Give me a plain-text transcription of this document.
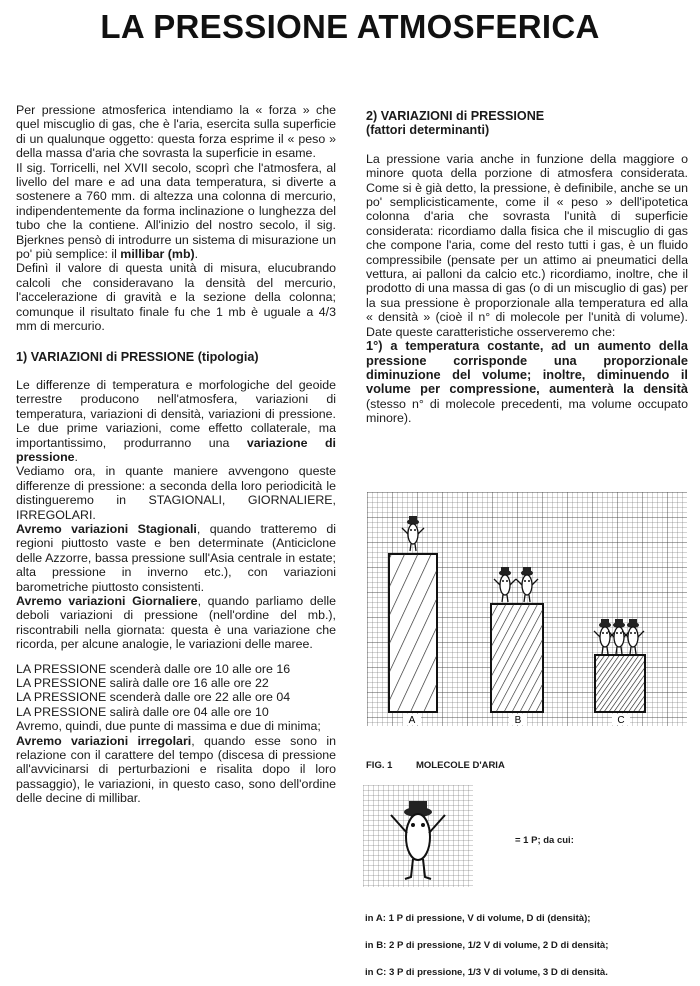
LA PRESSIONE ATMOSFERICA

Per pressione atmosferica intendiamo la « forza » che quel miscuglio di gas, che è l'aria, esercita sulla superficie di un qualunque oggetto: questa forza esprime il « peso » della massa d'aria che sovrasta la superficie in esame.

Il sig. Torricelli, nel XVII secolo, scoprì che l'atmosfera, al livello del mare e ad una data temperatura, si diverte a sostenere a 760 mm. di altezza una colonna di mercurio, indipendentemente da forma inclinazione o lunghezza del tubo che la contiene. All'inizio del nostro secolo, il sig. Bjerknes pensò di introdurre un sistema di misurazione un po' più semplice: il millibar (mb).

Definì il valore di questa unità di misura, elucubrando calcoli che consideravano la densità del mercurio, l'accelerazione di gravità e la sezione della colonna; comunque il risultato finale fu che 1 mb è uguale a 4/3 mm di mercurio.

1) VARIAZIONI di PRESSIONE (tipologia)

Le differenze di temperatura e morfologiche del geoide terrestre producono nell'atmosfera, variazioni di temperatura, variazioni di densità, variazioni di pressione. Le due prime variazioni, come effetto collaterale, ma importantissimo, produrranno una variazione di pressione.

Vediamo ora, in quante maniere avvengono queste differenze di pressione: a seconda della loro periodicità le distingueremo in STAGIONALI, GIORNALIERE, IRREGOLARI.

Avremo variazioni Stagionali, quando tratteremo di regioni piuttosto vaste e ben determinate (Anticiclone delle Azzorre, bassa pressione sull'Asia centrale in estate; alta pressione in inverno etc.), con variazioni barometriche piuttosto consistenti.

Avremo variazioni Giornaliere, quando parliamo delle deboli variazioni di pressione (nell'ordine del mb.), riscontrabili nella giornata: questa è una variazione che ricorda, per alcune analogie, le variazioni delle maree.

LA PRESSIONE scenderà dalle ore 10 alle ore 16

LA PRESSIONE salirà dalle ore 16 alle ore 22

LA PRESSIONE scenderà dalle ore 22 alle ore 04

LA PRESSIONE salirà dalle ore 04 alle ore 10

Avremo, quindi, due punte di massima e due di minima;

Avremo variazioni irregolari, quando esse sono in relazione con il carattere del tempo (discesa di pressione all'avvicinarsi di perturbazioni e risalita dopo il loro passaggio), le variazioni, in questo caso, sono dell'ordine delle decine di millibar.

2) VARIAZIONI di PRESSIONE

(fattori determinanti)

La pressione varia anche in funzione della maggiore o minore quota della porzione di atmosfera considerata. Come si è già detto, la pressione, è definibile, anche se un po' semplicisticamente, come il « peso » dell'ipotetica colonna d'aria che sovrasta l'unità di superficie considerata: ricordiamo dalla fisica che il miscuglio di gas che compone l'aria, come del resto tutti i gas, è un fluido compressibile (pensate per un attimo ai pneumatici della vettura, ai palloni da calcio etc.) ricordiamo, inoltre, che il prodotto di una massa di gas (o di un miscuglio di gas) per la sua pressione è proporzionale alla temperatura ed alla « densità » (cioè il n° di molecole per l'unità di volume). Date queste caratteristiche osserveremo che:

1°) a temperatura costante, ad un aumento della pressione corrisponde una proporzionale diminuzione del volume; inoltre, diminuendo il volume per compressione, aumenterà la densità (stesso n° di molecole precedenti, ma volume occupato minore).

A	B	C
FIG. 1 MOLECOLE D'ARIA
= 1 P; da cui:
in A: 1 P di pressione, V di volume, D di (densità);
in B: 2 P di pressione, 1/2 V di volume, 2 D di densità;
in C: 3 P di pressione, 1/3 V di volume, 3 D di densità.
